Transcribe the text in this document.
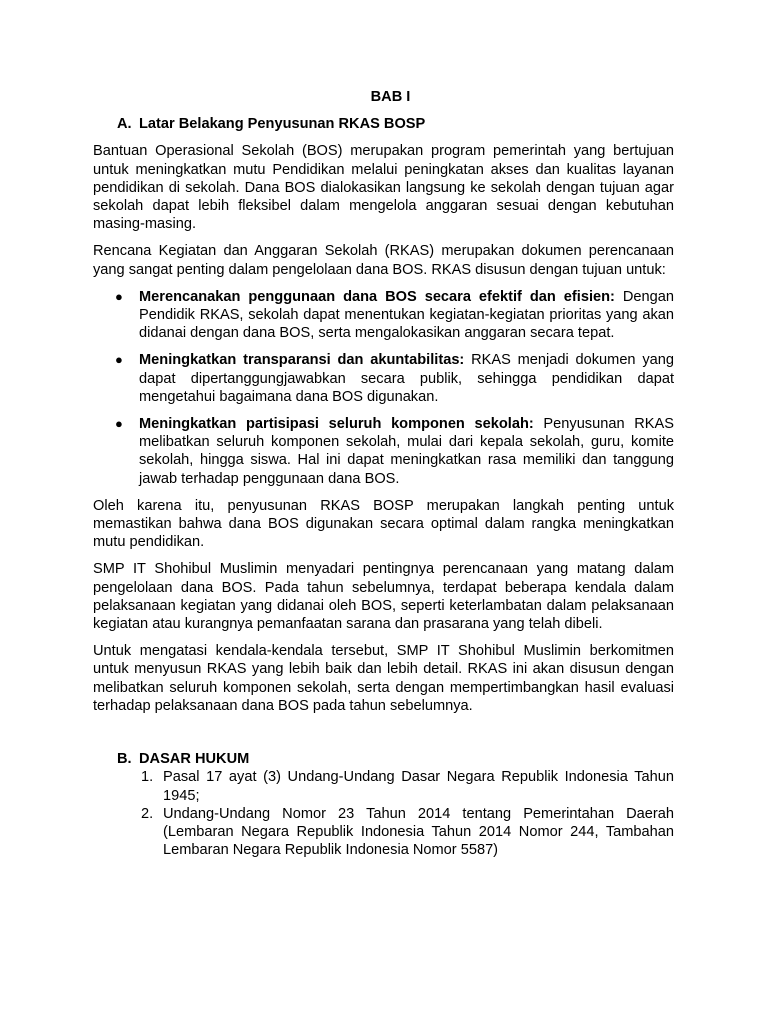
BAB I
A. Latar Belakang Penyusunan RKAS BOSP

Bantuan Operasional Sekolah (BOS) merupakan program pemerintah yang bertujuan untuk meningkatkan mutu Pendidikan melalui peningkatan akses dan kualitas layanan pendidikan di sekolah. Dana BOS dialokasikan langsung ke sekolah dengan tujuan agar sekolah dapat lebih fleksibel dalam mengelola anggaran sesuai dengan kebutuhan masing-masing.

Rencana Kegiatan dan Anggaran Sekolah (RKAS) merupakan dokumen perencanaan yang sangat penting dalam pengelolaan dana BOS. RKAS disusun dengan tujuan untuk:

●	Merencanakan penggunaan dana BOS secara efektif dan efisien: Dengan Pendidik RKAS, sekolah dapat menentukan kegiatan-kegiatan prioritas yang akan didanai dengan dana BOS, serta mengalokasikan anggaran secara tepat.
●	Meningkatkan transparansi dan akuntabilitas: RKAS menjadi dokumen yang dapat dipertanggungjawabkan secara publik, sehingga pendidikan dapat mengetahui bagaimana dana BOS digunakan.
●	Meningkatkan partisipasi seluruh komponen sekolah: Penyusunan RKAS melibatkan seluruh komponen sekolah, mulai dari kepala sekolah, guru, komite sekolah, hingga siswa. Hal ini dapat meningkatkan rasa memiliki dan tanggung jawab terhadap penggunaan dana BOS.

Oleh karena itu, penyusunan RKAS BOSP merupakan langkah penting untuk memastikan bahwa dana BOS digunakan secara optimal dalam rangka meningkatkan mutu pendidikan.

SMP IT Shohibul Muslimin menyadari pentingnya perencanaan yang matang dalam pengelolaan dana BOS. Pada tahun sebelumnya, terdapat beberapa kendala dalam pelaksanaan kegiatan yang didanai oleh BOS, seperti keterlambatan dalam pelaksanaan kegiatan atau kurangnya pemanfaatan sarana dan prasarana yang telah dibeli.

Untuk mengatasi kendala-kendala tersebut, SMP IT Shohibul Muslimin berkomitmen untuk menyusun RKAS yang lebih baik dan lebih detail. RKAS ini akan disusun dengan melibatkan seluruh komponen sekolah, serta dengan mempertimbangkan hasil evaluasi terhadap pelaksanaan dana BOS pada tahun sebelumnya.

B. DASAR HUKUM
1. Pasal 17 ayat (3) Undang-Undang Dasar Negara Republik Indonesia Tahun 1945;
2. Undang-Undang Nomor 23 Tahun 2014 tentang Pemerintahan Daerah (Lembaran Negara Republik Indonesia Tahun 2014 Nomor 244, Tambahan Lembaran Negara Republik Indonesia Nomor 5587)
